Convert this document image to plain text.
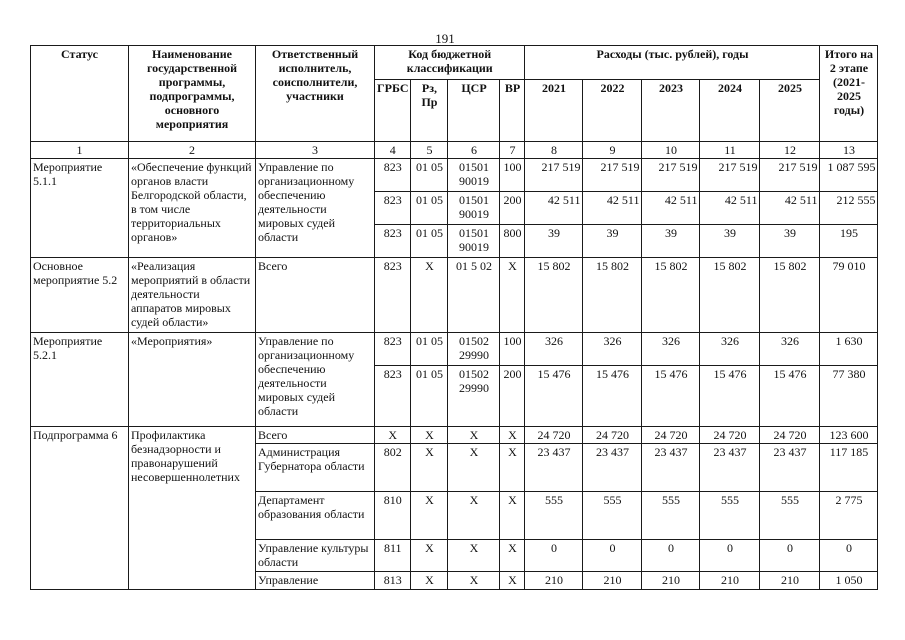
191
Статус	Наименование государственной программы, подпрограммы, основного мероприятия	Ответственный исполнитель, соисполнители, участники	Код бюджетной классификации				Расходы (тыс. рублей), годы					Итого на 2 этапе (2021-2025 годы)
			ГРБС	Рз, Пр	ЦСР	ВР	2021	2022	2023	2024	2025	
1	2	3	4	5	6	7	8	9	10	11	12	13
Мероприятие 5.1.1	«Обеспечение функций органов власти Белгородской области, в том числе территориальных органов»	Управление по организационному обеспечению деятельности мировых судей области	823	01 05	01501 90019	100	217 519	217 519	217 519	217 519	217 519	1 087 595
			823	01 05	01501 90019	200	42 511	42 511	42 511	42 511	42 511	212 555
			823	01 05	01501 90019	800	39	39	39	39	39	195
Основное мероприятие 5.2	«Реализация мероприятий в области деятельности аппаратов мировых судей области»	Всего	823	Х	01 5 02	Х	15 802	15 802	15 802	15 802	15 802	79 010
Мероприятие 5.2.1	«Мероприятия»	Управление по организационному обеспечению деятельности мировых судей области	823	01 05	01502 29990	100	326	326	326	326	326	1 630
			823	01 05	01502 29990	200	15 476	15 476	15 476	15 476	15 476	77 380
Подпрограмма 6	Профилактика безнадзорности и правонарушений несовершеннолетних	Всего	Х	Х	Х	Х	24 720	24 720	24 720	24 720	24 720	123 600
		Администрация Губернатора области	802	Х	Х	Х	23 437	23 437	23 437	23 437	23 437	117 185
		Департамент образования области	810	Х	Х	Х	555	555	555	555	555	2 775
		Управление культуры области	811	Х	Х	Х	0	0	0	0	0	0
		Управление	813	Х	Х	Х	210	210	210	210	210	1 050
